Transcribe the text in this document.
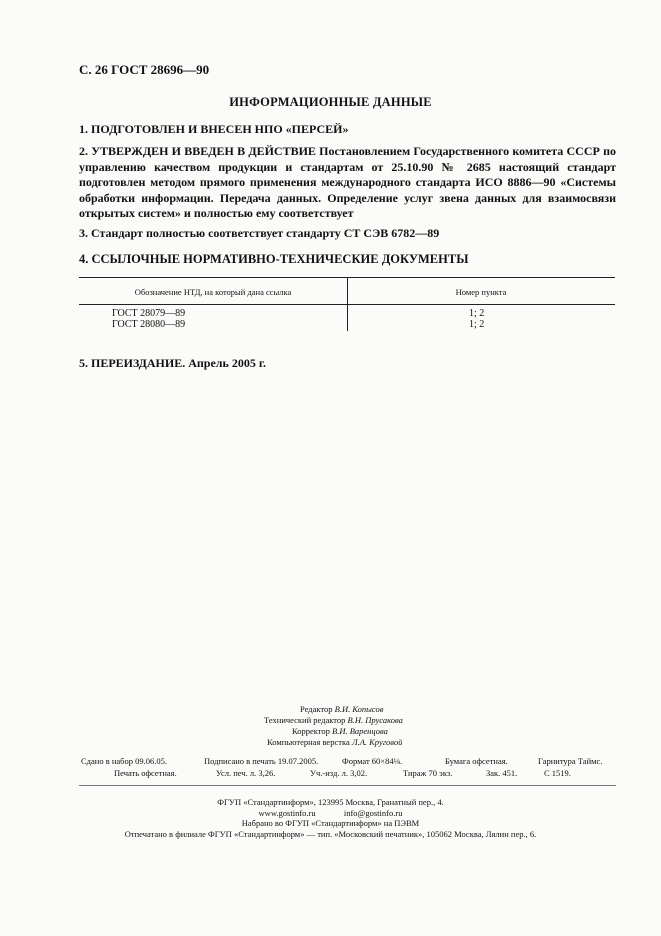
С. 26 ГОСТ 28696—90
ИНФОРМАЦИОННЫЕ ДАННЫЕ
1. ПОДГОТОВЛЕН И ВНЕСЕН НПО «ПЕРСЕЙ»
2. УТВЕРЖДЕН И ВВЕДЕН В ДЕЙСТВИЕ Постановлением Государственного комитета СССР по управлению качеством продукции и стандартам от 25.10.90 № 2685 настоящий стандарт подготовлен методом прямого применения международного стандарта ИСО 8886—90 «Системы обработки информации. Передача данных. Определение услуг звена данных для взаимосвязи открытых систем» и полностью ему соответствует
3. Стандарт полностью соответствует стандарту СТ СЭВ 6782—89
4. ССЫЛОЧНЫЕ НОРМАТИВНО-ТЕХНИЧЕСКИЕ ДОКУМЕНТЫ
Обозначение НТД, на который дана ссылка	Номер пункта
ГОСТ 28079—89	1; 2
ГОСТ 28080—89	1; 2
5. ПЕРЕИЗДАНИЕ. Апрель 2005 г.
Редактор В.И. Копысов
Технический редактор В.Н. Прусакова
Корректор В.И. Варенцова
Компьютерная верстка Л.А. Круговой
Сдано в набор 09.06.05.	Подписано в печать 19.07.2005.	Формат 60×84⅛.	Бумага офсетная.	Гарнитура Таймс.
Печать офсетная.	Усл. печ. л. 3,26.	Уч.-изд. л. 3,02.	Тираж 70 экз.	Зак. 451.	С 1519.
ФГУП «Стандартинформ», 123995 Москва, Гранатный пер., 4.
www.gostinfo.ru	info@gostinfo.ru
Набрано во ФГУП «Стандартинформ» на ПЭВМ
Отпечатано в филиале ФГУП «Стандартинформ» — тип. «Московский печатник», 105062 Москва, Лялин пер., 6.
